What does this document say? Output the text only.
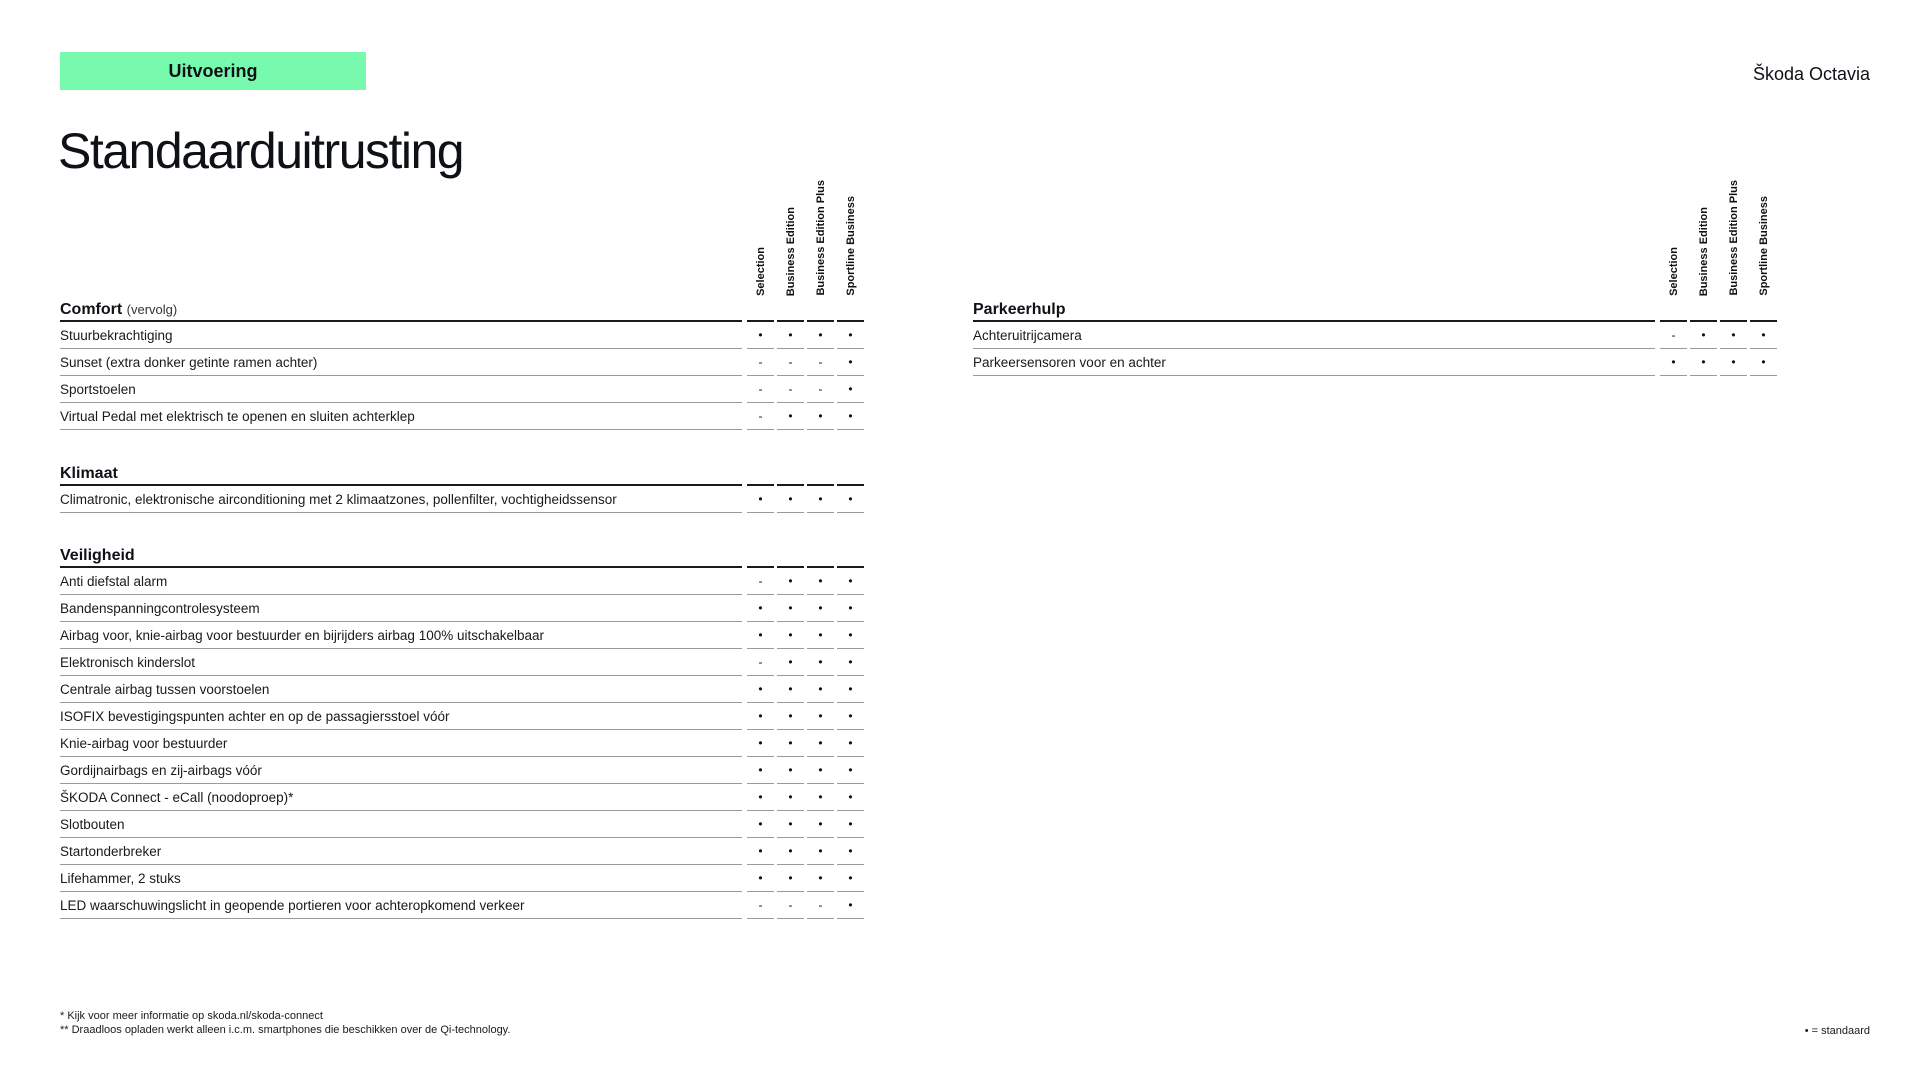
Uitvoering	Škoda Octavia
Standaarduitrusting
Selection Business Edition Business Edition Plus Sportline Business
Comfort (vervolg)
Stuurbekrachtiging	•	•	•	•
Sunset (extra donker getinte ramen achter)	-	-	-	•
Sportstoelen	-	-	-	•
Virtual Pedal met elektrisch te openen en sluiten achterklep	-	•	•	•
Klimaat
Climatronic, elektronische airconditioning met 2 klimaatzones, pollenfilter, vochtigheidssensor	•	•	•	•
Veiligheid
Anti diefstal alarm	-	•	•	•
Bandenspanningcontrolesysteem	•	•	•	•
Airbag voor, knie-airbag voor bestuurder en bijrijders airbag 100% uitschakelbaar	•	•	•	•
Elektronisch kinderslot	-	•	•	•
Centrale airbag tussen voorstoelen	•	•	•	•
ISOFIX bevestigingspunten achter en op de passagiersstoel vóór	•	•	•	•
Knie-airbag voor bestuurder	•	•	•	•
Gordijnairbags en zij-airbags vóór	•	•	•	•
ŠKODA Connect - eCall (noodoproep)*	•	•	•	•
Slotbouten	•	•	•	•
Startonderbreker	•	•	•	•
Lifehammer, 2 stuks	•	•	•	•
LED waarschuwingslicht in geopende portieren voor achteropkomend verkeer	-	-	-	•
Selection Business Edition Business Edition Plus Sportline Business
Parkeerhulp
Achteruitrijcamera	-	•	•	•
Parkeersensoren voor en achter	•	•	•	•
* Kijk voor meer informatie op skoda.nl/skoda-connect
** Draadloos opladen werkt alleen i.c.m. smartphones die beschikken over de Qi-technology.	• = standaard
